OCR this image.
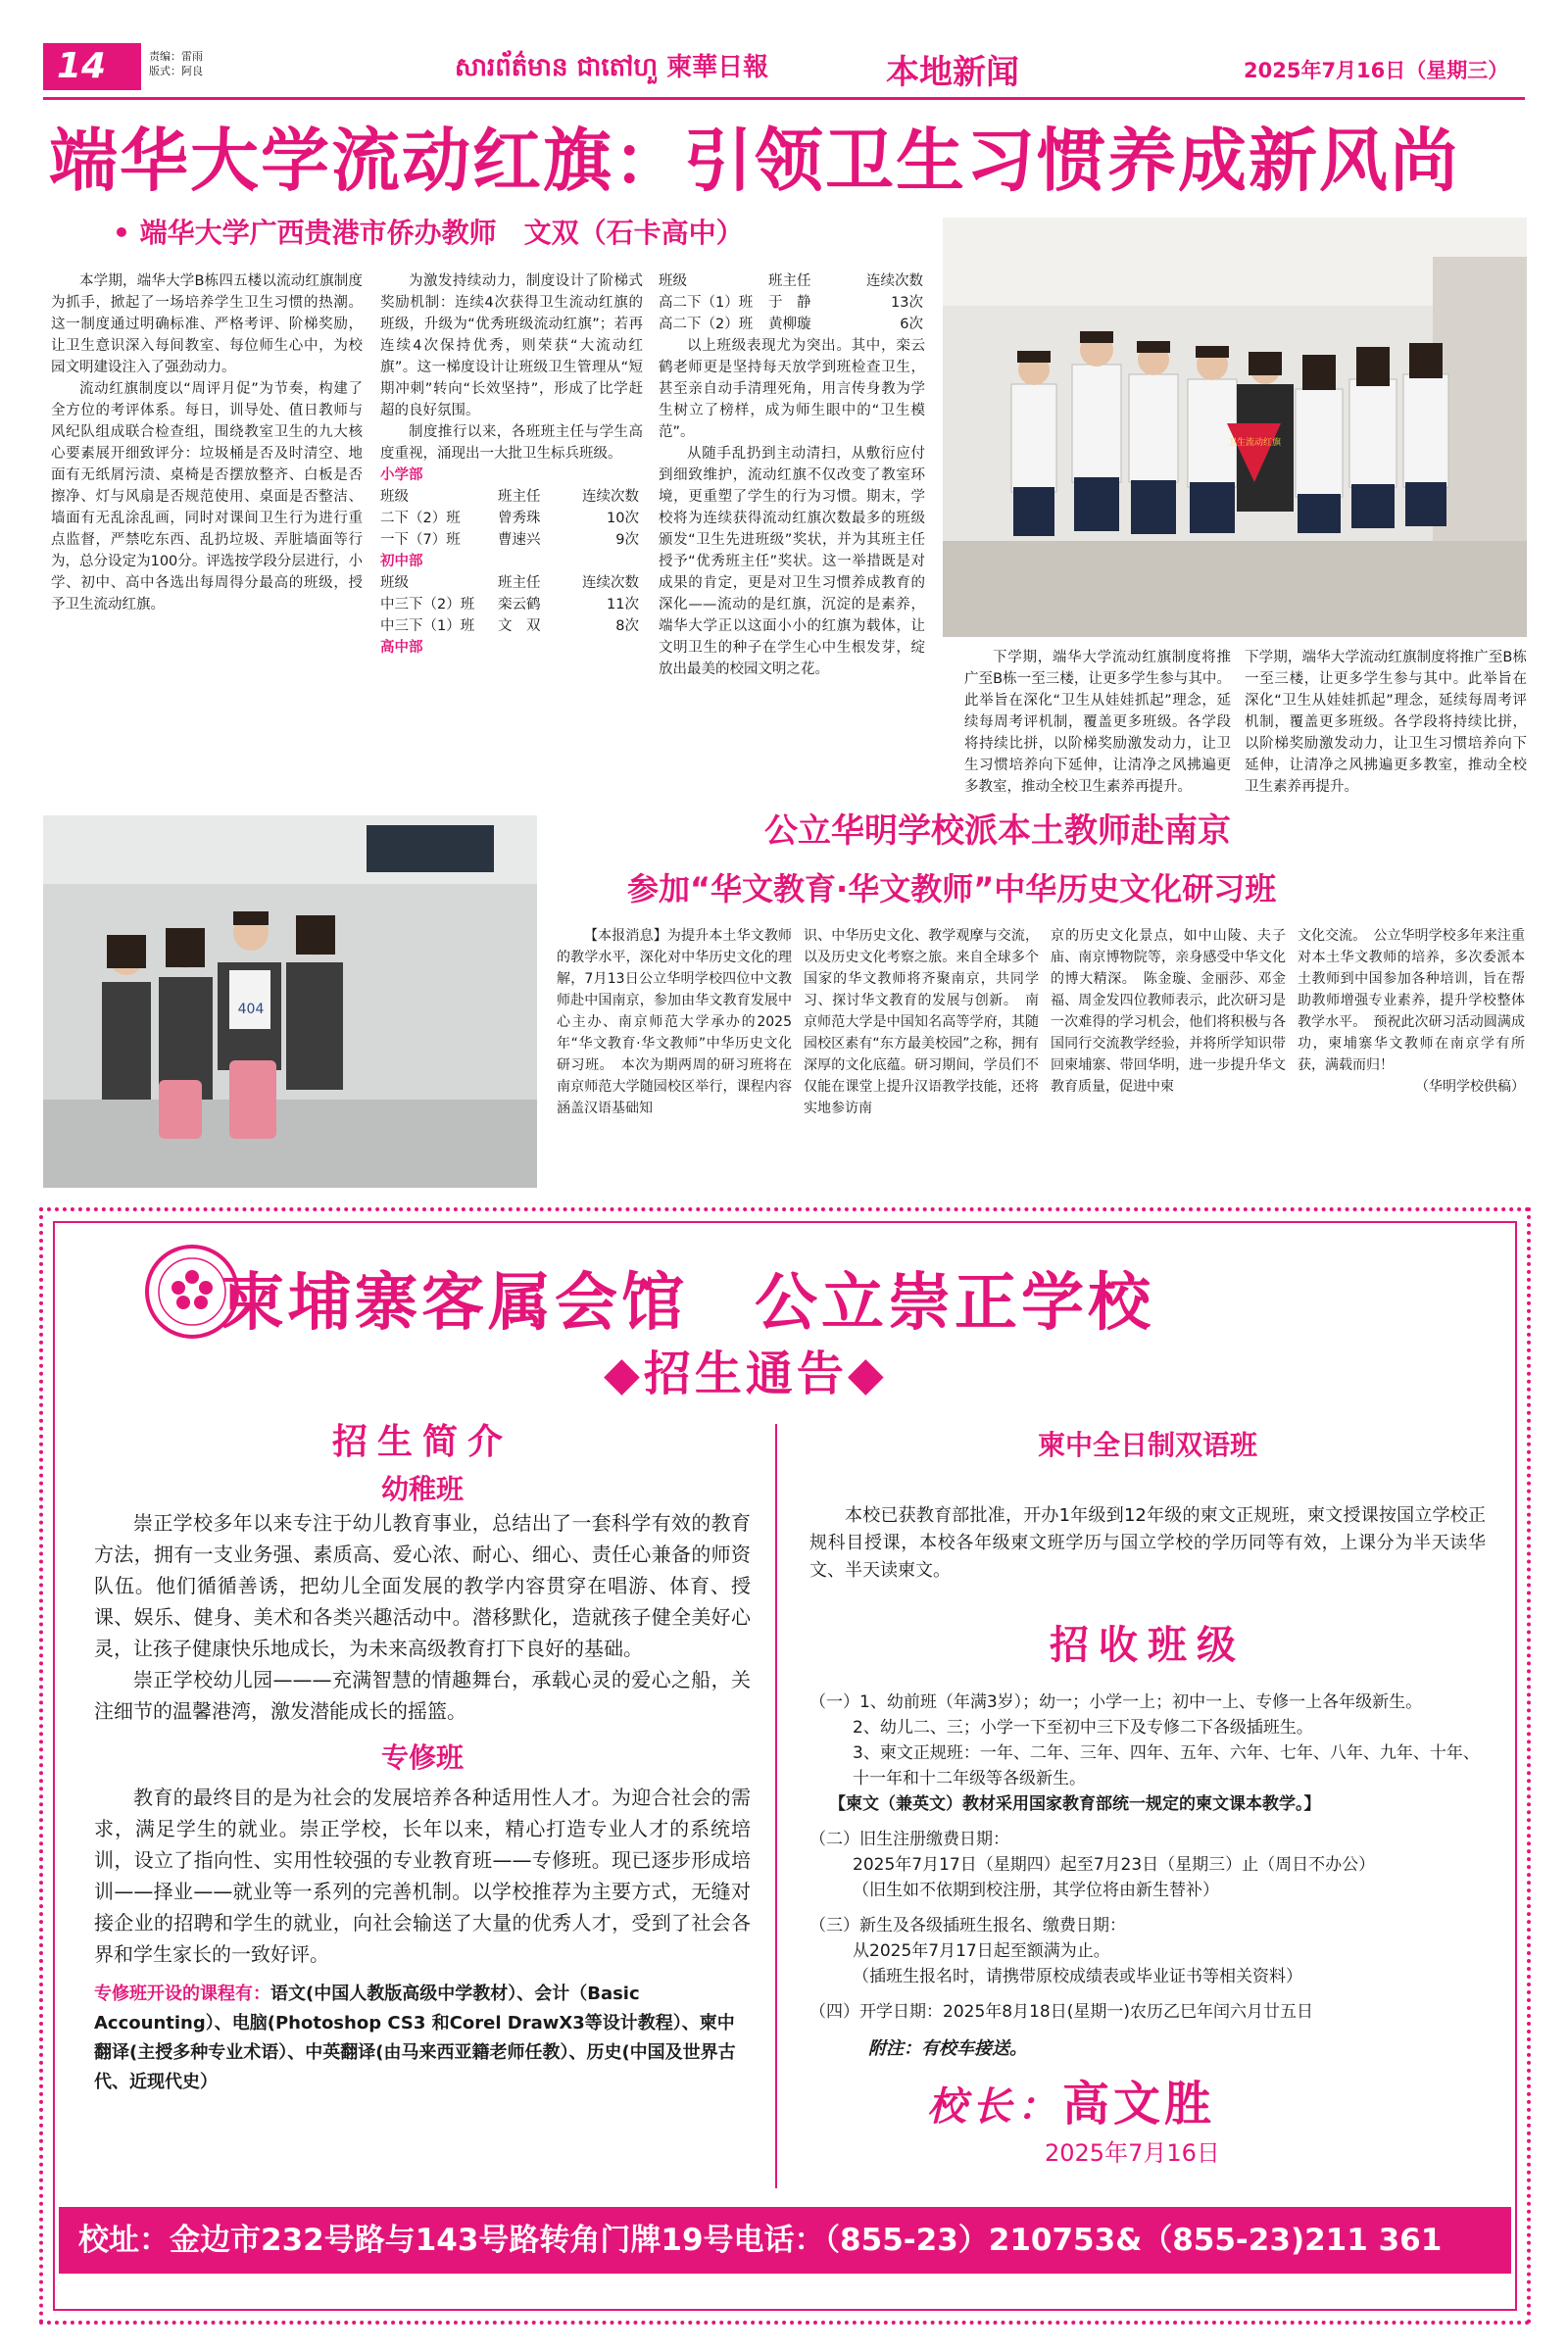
14	责编：雷雨
版式：阿良	សារព័ត៌មាន ជាតៅហួ 柬華日報	本地新闻	2025年7月16日（星期三）
端华大学流动红旗：引领卫生习惯养成新风尚
• 端华大学广西贵港市侨办教师　文双（石卡高中）

本学期，端华大学B栋四五楼以流动红旗制度为抓手，掀起了一场培养学生卫生习惯的热潮。这一制度通过明确标准、严格考评、阶梯奖励，让卫生意识深入每间教室、每位师生心中，为校园文明建设注入了强劲动力。

流动红旗制度以“周评月促”为节奏，构建了全方位的考评体系。每日，训导处、值日教师与风纪队组成联合检查组，围绕教室卫生的九大核心要素展开细致评分：垃圾桶是否及时清空、地面有无纸屑污渍、桌椅是否摆放整齐、白板是否擦净、灯与风扇是否规范使用、桌面是否整洁、墙面有无乱涂乱画，同时对课间卫生行为进行重点监督，严禁吃东西、乱扔垃圾、弄脏墙面等行为，总分设定为100分。评选按学段分层进行，小学、初中、高中各选出每周得分最高的班级，授予卫生流动红旗。

为激发持续动力，制度设计了阶梯式奖励机制：连续4次获得卫生流动红旗的班级，升级为“优秀班级流动红旗”；若再连续4次保持优秀，则荣获“大流动红旗”。这一梯度设计让班级卫生管理从“短期冲刺”转向“长效坚持”，形成了比学赶超的良好氛围。

制度推行以来，各班班主任与学生高度重视，涌现出一大批卫生标兵班级。

小学部
班级	班主任	连续次数
二下（2）班	曾秀珠	10次
一下（7）班	曹速兴	9次
初中部
班级	班主任	连续次数
中三下（2）班	栾云鹤	11次
中三下（1）班	文　双	8次
高中部
班级	班主任	连续次数
高二下（1）班	于　静	13次
高二下（2）班	黄柳璇	6次

以上班级表现尤为突出。其中，栾云鹤老师更是坚持每天放学到班检查卫生，甚至亲自动手清理死角，用言传身教为学生树立了榜样，成为师生眼中的“卫生模范”。

从随手乱扔到主动清扫，从敷衍应付到细致维护，流动红旗不仅改变了教室环境，更重塑了学生的行为习惯。期末，学校将为连续获得流动红旗次数最多的班级颁发“卫生先进班级”奖状，并为其班主任授予“优秀班主任”奖状。这一举措既是对成果的肯定，更是对卫生习惯养成教育的深化——流动的是红旗，沉淀的是素养，端华大学正以这面小小的红旗为载体，让文明卫生的种子在学生心中生根发芽，绽放出最美的校园文明之花。

卫生流动红旗

下学期，端华大学流动红旗制度将推广至B栋一至三楼，让更多学生参与其中。此举旨在深化“卫生从娃娃抓起”理念，延续每周考评机制，覆盖更多班级。各学段将持续比拼，以阶梯奖励激发动力，让卫生习惯培养向下延伸，让清净之风拂遍更多教室，推动全校卫生素养再提升。

下学期，端华大学流动红旗制度将推广至B栋一至三楼，让更多学生参与其中。此举旨在深化“卫生从娃娃抓起”理念，延续每周考评机制，覆盖更多班级。各学段将持续比拼，以阶梯奖励激发动力，让卫生习惯培养向下延伸，让清净之风拂遍更多教室，推动全校卫生素养再提升。

404
公立华明学校派本土教师赴南京
参加“华文教育·华文教师”中华历史文化研习班

【本报消息】为提升本土华文教师的教学水平，深化对中华历史文化的理解，7月13日公立华明学校四位中文教师赴中国南京，参加由华文教育发展中心主办、南京师范大学承办的2025年“华文教育·华文教师”中华历史文化研习班。　本次为期两周的研习班将在南京师范大学随园校区举行，课程内容涵盖汉语基础知

识、中华历史文化、教学观摩与交流，以及历史文化考察之旅。来自全球多个国家的华文教师将齐聚南京，共同学习、探讨华文教育的发展与创新。　南京师范大学是中国知名高等学府，其随园校区素有“东方最美校园”之称，拥有深厚的文化底蕴。研习期间，学员们不仅能在课堂上提升汉语教学技能，还将实地参访南

京的历史文化景点，如中山陵、夫子庙、南京博物院等，亲身感受中华文化的博大精深。　陈金璇、金丽莎、邓金福、周金发四位教师表示，此次研习是一次难得的学习机会，他们将积极与各国同行交流教学经验，并将所学知识带回柬埔寨、带回华明，进一步提升华文教育质量，促进中柬

文化交流。　公立华明学校多年来注重对本土华文教师的培养，多次委派本土教师到中国参加各种培训，旨在帮助教师增强专业素养，提升学校整体教学水平。　预祝此次研习活动圆满成功，柬埔寨华文教师在南京学有所获，满载而归！

（华明学校供稿）
柬埔寨客属会馆　公立崇正学校
◆招生通告◆
招生简介
幼稚班

崇正学校多年以来专注于幼儿教育事业，总结出了一套科学有效的教育方法，拥有一支业务强、素质高、爱心浓、耐心、细心、责任心兼备的师资队伍。他们循循善诱，把幼儿全面发展的教学内容贯穿在唱游、体育、授课、娱乐、健身、美术和各类兴趣活动中。潜移默化，造就孩子健全美好心灵，让孩子健康快乐地成长，为未来高级教育打下良好的基础。

崇正学校幼儿园———充满智慧的情趣舞台，承载心灵的爱心之船，关注细节的温馨港湾，激发潜能成长的摇篮。

专修班

教育的最终目的是为社会的发展培养各种适用性人才。为迎合社会的需求，满足学生的就业。崇正学校，长年以来，精心打造专业人才的系统培训，设立了指向性、实用性较强的专业教育班——专修班。现已逐步形成培训——择业——就业等一系列的完善机制。以学校推荐为主要方式，无缝对接企业的招聘和学生的就业，向社会输送了大量的优秀人才，受到了社会各界和学生家长的一致好评。

专修班开设的课程有：语文(中国人教版高级中学教材）、会计（Basic Accounting）、电脑(Photoshop CS3 和Corel DrawX3等设计教程）、柬中翻译(主授多种专业术语）、中英翻译(由马来西亚籍老师任教）、历史(中国及世界古代、近现代史）

柬中全日制双语班

本校已获教育部批准，开办1年级到12年级的柬文正规班，柬文授课按国立学校正规科目授课，本校各年级柬文班学历与国立学校的学历同等有效，上课分为半天读华文、半天读柬文。

招收班级
（一）1、幼前班（年满3岁）；幼一；小学一上；初中一上、专修一上各年级新生。
2、幼儿二、三；小学一下至初中三下及专修二下各级插班生。
3、柬文正规班：一年、二年、三年、四年、五年、六年、七年、八年、九年、十年、十一年和十二年级等各级新生。
【柬文（兼英文）教材采用国家教育部统一规定的柬文课本教学。】
（二）旧生注册缴费日期：
2025年7月17日（星期四）起至7月23日（星期三）止（周日不办公）
（旧生如不依期到校注册，其学位将由新生替补）
（三）新生及各级插班生报名、缴费日期：
从2025年7月17日起至额满为止。
（插班生报名时，请携带原校成绩表或毕业证书等相关资料）
（四）开学日期：2025年8月18日(星期一)农历乙巳年闰六月廿五日
附注：有校车接送。
校长：高文胜
2025年7月16日
校址：金边市232号路与143号路转角门牌19号电话：（855-23）210753&（855-23)211 361
